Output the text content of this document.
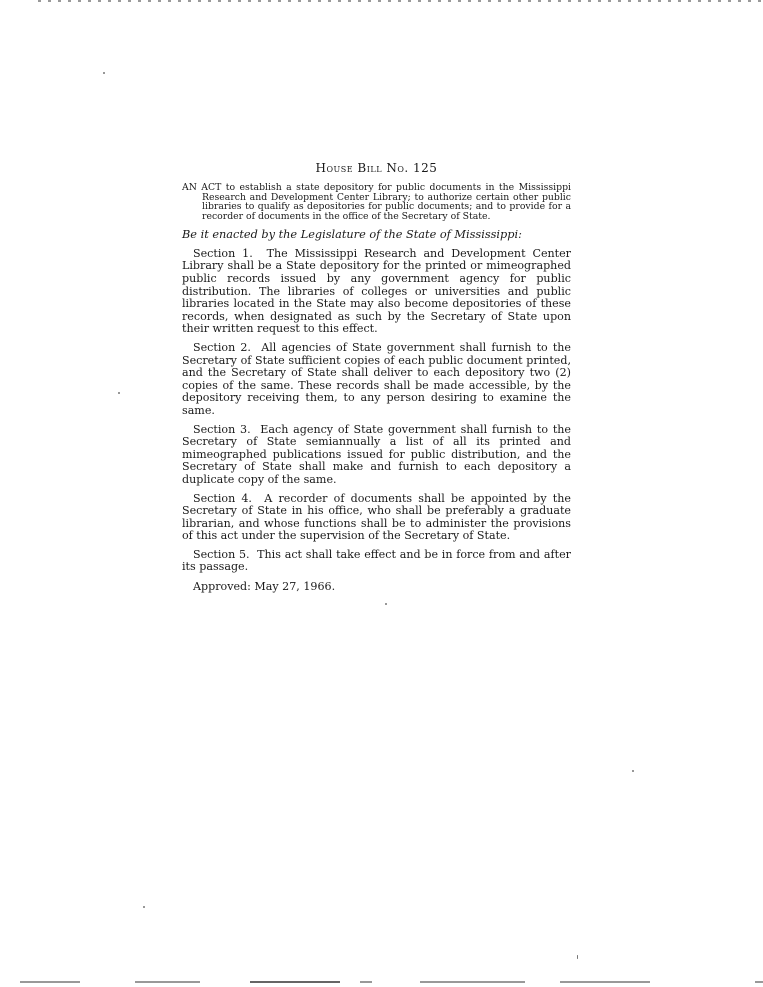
House Bill No. 125

AN ACT to establish a state depository for public documents in the Mississippi Research and Development Center Library; to authorize certain other public libraries to qualify as depositories for public documents; and to provide for a recorder of documents in the office of the Secretary of State.

Be it enacted by the Legislature of the State of Mississippi:

Section 1. The Mississippi Research and Development Center Library shall be a State depository for the printed or mimeographed public records issued by any government agency for public distribution. The libraries of colleges or universities and public libraries located in the State may also become depositories of these records, when designated as such by the Secretary of State upon their written request to this effect.

Section 2. All agencies of State government shall furnish to the Secretary of State sufficient copies of each public document printed, and the Secretary of State shall deliver to each depository two (2) copies of the same. These records shall be made accessible, by the depository receiving them, to any person desiring to examine the same.

Section 3. Each agency of State government shall furnish to the Secretary of State semiannually a list of all its printed and mimeographed publications issued for public distribution, and the Secretary of State shall make and furnish to each depository a duplicate copy of the same.

Section 4. A recorder of documents shall be appointed by the Secretary of State in his office, who shall be preferably a graduate librarian, and whose functions shall be to administer the provisions of this act under the supervision of the Secretary of State.

Section 5. This act shall take effect and be in force from and after its passage.

Approved: May 27, 1966.
